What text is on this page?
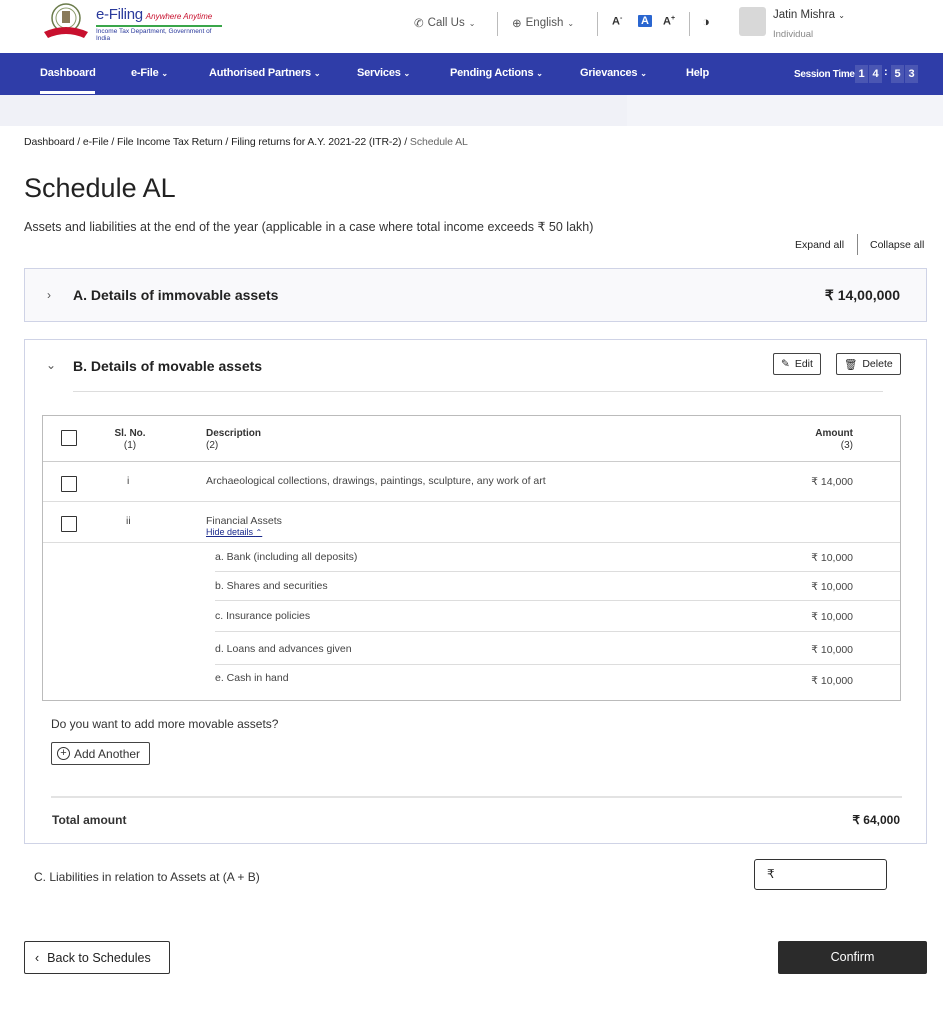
e-Filing Anywhere Anytime
Income Tax Department, Government of India
✆ Call Us ⌄	⊕ English ⌄	A- A A+ ◑	Jatin Mishra ⌄
Individual
Dashboard	e-File ⌄	Authorised Partners ⌄	Services ⌄	Pending Actions ⌄	Grievances ⌄	Help	Session Time 1 4 : 5 3
Dashboard / e-File / File Income Tax Return / Filing returns for A.Y. 2021-22 (ITR-2) / Schedule AL
Schedule AL
Assets and liabilities at the end of the year (applicable in a case where total income exceeds ₹ 50 lakh)
Expand all Collapse all
› A. Details of immovable assets	₹ 14,00,000
⌄ B. Details of movable assets	✎ Edit	🗑 Delete
Sl. No.
(1)
Description
(2)
Amount
(3)
i	Archaeological collections, drawings, paintings, sculpture, any work of art	₹ 14,000
ii	Financial Assets
Hide details ⌃
a. Bank (including all deposits)	₹ 10,000
b. Shares and securities	₹ 10,000
c. Insurance policies	₹ 10,000
d. Loans and advances given	₹ 10,000
e. Cash in hand	₹ 10,000
Do you want to add more movable assets?
+ Add Another
Total amount	₹ 64,000
C. Liabilities in relation to Assets at (A + B)	₹
‹ Back to Schedules	Confirm
